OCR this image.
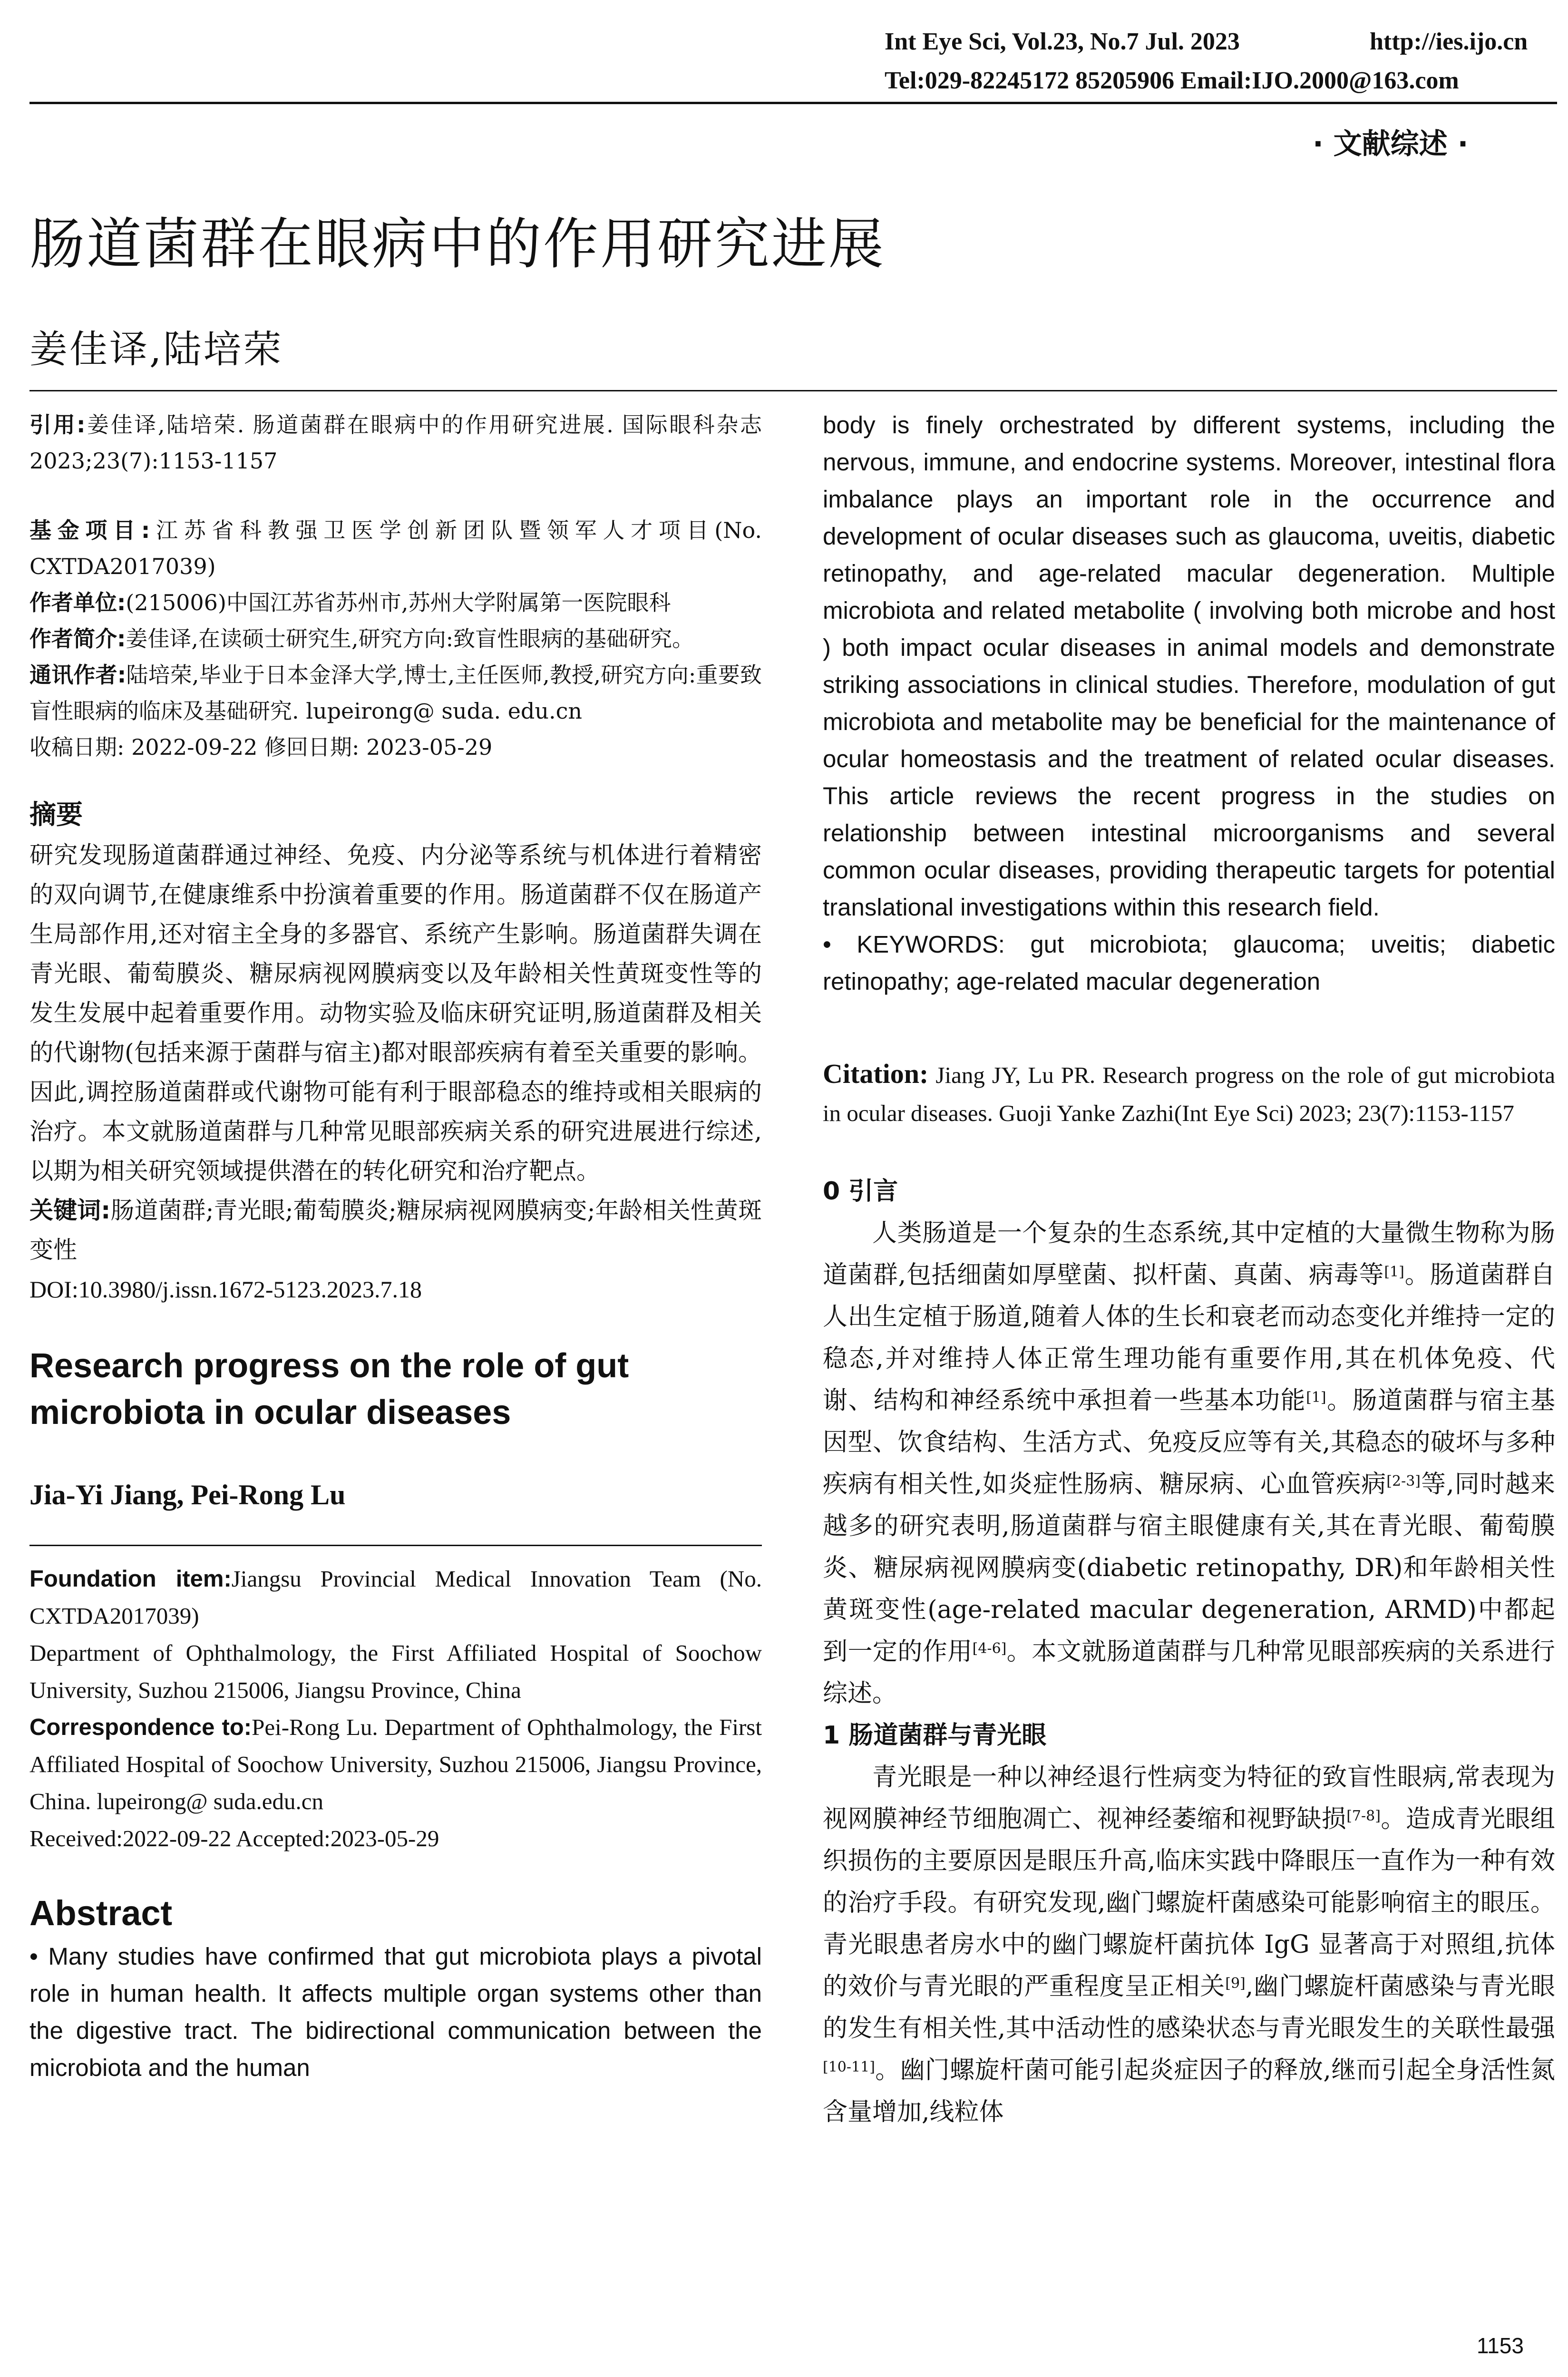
Int Eye Sci, Vol.23, No.7 Jul. 2023	http://ies.ijo.cn
Tel:029-82245172 85205906 Email:IJO.2000@163.com
· 文献综述 ·
肠道菌群在眼病中的作用研究进展
姜佳译,陆培荣

引用:姜佳译,陆培荣. 肠道菌群在眼病中的作用研究进展. 国际眼科杂志 2023;23(7):1153-1157

基金项目:江苏省科教强卫医学创新团队暨领军人才项目(No. CXTDA2017039)

作者单位:(215006)中国江苏省苏州市,苏州大学附属第一医院眼科

作者简介:姜佳译,在读硕士研究生,研究方向:致盲性眼病的基础研究。

通讯作者:陆培荣,毕业于日本金泽大学,博士,主任医师,教授,研究方向:重要致盲性眼病的临床及基础研究. lupeirong@ suda. edu.cn

收稿日期: 2022-09-22 修回日期: 2023-05-29

摘要

研究发现肠道菌群通过神经、免疫、内分泌等系统与机体进行着精密的双向调节,在健康维系中扮演着重要的作用。肠道菌群不仅在肠道产生局部作用,还对宿主全身的多器官、系统产生影响。肠道菌群失调在青光眼、葡萄膜炎、糖尿病视网膜病变以及年龄相关性黄斑变性等的发生发展中起着重要作用。动物实验及临床研究证明,肠道菌群及相关的代谢物(包括来源于菌群与宿主)都对眼部疾病有着至关重要的影响。因此,调控肠道菌群或代谢物可能有利于眼部稳态的维持或相关眼病的治疗。本文就肠道菌群与几种常见眼部疾病关系的研究进展进行综述,以期为相关研究领域提供潜在的转化研究和治疗靶点。

关键词:肠道菌群;青光眼;葡萄膜炎;糖尿病视网膜病变;年龄相关性黄斑变性

DOI:10.3980/j.issn.1672-5123.2023.7.18

Research progress on the role of gut microbiota in ocular diseases
Jia-Yi Jiang, Pei-Rong Lu
Foundation item:Jiangsu Provincial Medical Innovation Team (No. CXTDA2017039)
Department of Ophthalmology, the First Affiliated Hospital of Soochow University, Suzhou 215006, Jiangsu Province, China
Correspondence to:Pei-Rong Lu. Department of Ophthalmology, the First Affiliated Hospital of Soochow University, Suzhou 215006, Jiangsu Province, China. lupeirong@ suda.edu.cn
Received:2022-09-22 Accepted:2023-05-29
Abstract
• Many studies have confirmed that gut microbiota plays a pivotal role in human health. It affects multiple organ systems other than the digestive tract. The bidirectional communication between the microbiota and the human
body is finely orchestrated by different systems, including the nervous, immune, and endocrine systems. Moreover, intestinal flora imbalance plays an important role in the occurrence and development of ocular diseases such as glaucoma, uveitis, diabetic retinopathy, and age-related macular degeneration. Multiple microbiota and related metabolite ( involving both microbe and host ) both impact ocular diseases in animal models and demonstrate striking associations in clinical studies. Therefore, modulation of gut microbiota and metabolite may be beneficial for the maintenance of ocular homeostasis and the treatment of related ocular diseases. This article reviews the recent progress in the studies on relationship between intestinal microorganisms and several common ocular diseases, providing therapeutic targets for potential translational investigations within this research field.
• KEYWORDS: gut microbiota; glaucoma; uveitis; diabetic retinopathy; age-related macular degeneration
Citation: Jiang JY, Lu PR. Research progress on the role of gut microbiota in ocular diseases. Guoji Yanke Zazhi(Int Eye Sci) 2023; 23(7):1153-1157

0 引言

人类肠道是一个复杂的生态系统,其中定植的大量微生物称为肠道菌群,包括细菌如厚壁菌、拟杆菌、真菌、病毒等[1]。肠道菌群自人出生定植于肠道,随着人体的生长和衰老而动态变化并维持一定的稳态,并对维持人体正常生理功能有重要作用,其在机体免疫、代谢、结构和神经系统中承担着一些基本功能[1]。肠道菌群与宿主基因型、饮食结构、生活方式、免疫反应等有关,其稳态的破坏与多种疾病有相关性,如炎症性肠病、糖尿病、心血管疾病[2-3]等,同时越来越多的研究表明,肠道菌群与宿主眼健康有关,其在青光眼、葡萄膜炎、糖尿病视网膜病变(diabetic retinopathy, DR)和年龄相关性黄斑变性(age-related macular degeneration, ARMD)中都起到一定的作用[4-6]。本文就肠道菌群与几种常见眼部疾病的关系进行综述。

1 肠道菌群与青光眼

青光眼是一种以神经退行性病变为特征的致盲性眼病,常表现为视网膜神经节细胞凋亡、视神经萎缩和视野缺损[7-8]。造成青光眼组织损伤的主要原因是眼压升高,临床实践中降眼压一直作为一种有效的治疗手段。有研究发现,幽门螺旋杆菌感染可能影响宿主的眼压。青光眼患者房水中的幽门螺旋杆菌抗体 IgG 显著高于对照组,抗体的效价与青光眼的严重程度呈正相关[9],幽门螺旋杆菌感染与青光眼的发生有相关性,其中活动性的感染状态与青光眼发生的关联性最强[10-11]。幽门螺旋杆菌可能引起炎症因子的释放,继而引起全身活性氮含量增加,线粒体

1153
